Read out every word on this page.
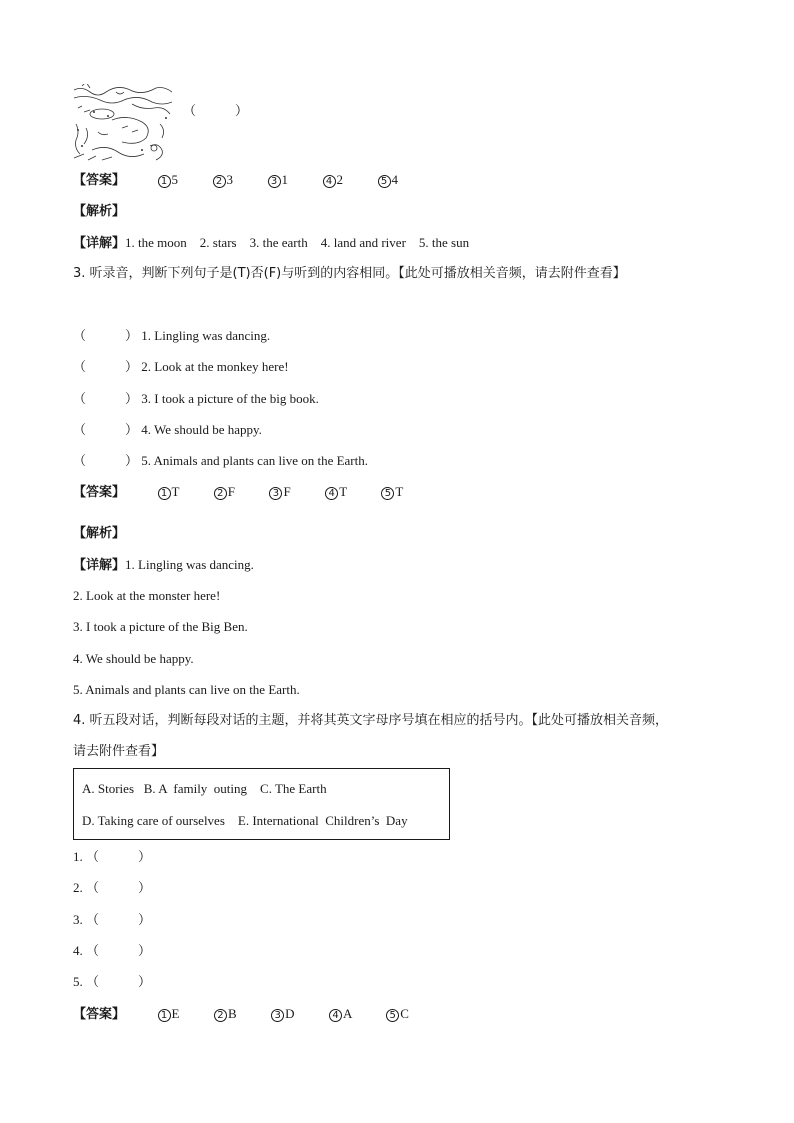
（　　　）
【答案】	1 5	2 3	3 1	4 2	5 4
【解析】
【详解】1. the moon    2. stars    3. the earth    4. land and river    5. the sun
3. 听录音，判断下列句子是(T)否(F)与听到的内容相同。【此处可播放相关音频，请去附件查看】
（　　　） 1. Lingling was dancing.
（　　　） 2. Look at the monkey here!
（　　　） 3. I took a picture of the big book.
（　　　） 4. We should be happy.
（　　　） 5. Animals and plants can live on the Earth.
【答案】	1 T	2 F	3 F	4 T	5 T
【解析】
【详解】1. Lingling was dancing.
2. Look at the monster here!
3. I took a picture of the Big Ben.
4. We should be happy.
5. Animals and plants can live on the Earth.
4. 听五段对话，判断每段对话的主题，并将其英文字母序号填在相应的括号内。【此处可播放相关音频，
请去附件查看】
A. Stories   B. A  family  outing    C. The Earth
D. Taking care of ourselves    E. International  Children’s  Day
1. （　　　）
2. （　　　）
3. （　　　）
4. （　　　）
5. （　　　）
【答案】	1 E	2 B	3 D	4 A	5 C
